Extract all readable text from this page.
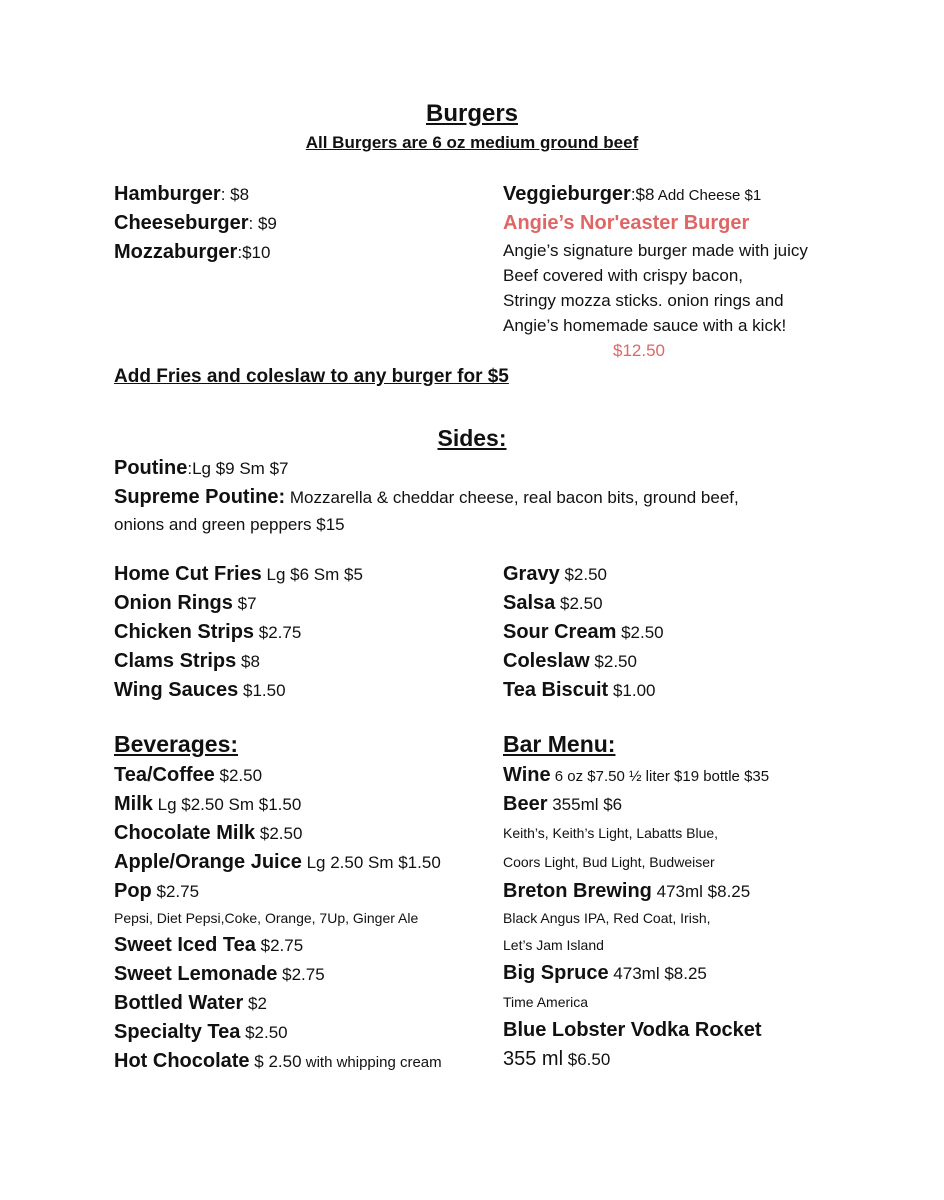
Burgers
All Burgers are 6 oz medium ground beef
Hamburger: $8
Cheeseburger: $9
Mozzaburger:$10
Veggieburger:$8 Add Cheese $1
Angie’s Nor'easter Burger
Angie’s signature burger made with juicy
Beef covered with crispy bacon,
Stringy mozza sticks. onion rings and
Angie’s homemade sauce with a kick!
$12.50
Add Fries and coleslaw to any burger for $5
Sides:
Poutine:Lg $9 Sm $7
Supreme Poutine: Mozzarella & cheddar cheese, real bacon bits, ground beef,
onions and green peppers $15
Home Cut Fries Lg $6 Sm $5
Onion Rings $7
Chicken Strips $2.75
Clams Strips $8
Wing Sauces $1.50
Gravy $2.50
Salsa $2.50
Sour Cream $2.50
Coleslaw $2.50
Tea Biscuit $1.00
Beverages:
Tea/Coffee $2.50
Milk Lg $2.50 Sm $1.50
Chocolate Milk $2.50
Apple/Orange Juice Lg 2.50 Sm $1.50
Pop $2.75
Pepsi, Diet Pepsi,Coke, Orange, 7Up, Ginger Ale
Sweet Iced Tea $2.75
Sweet Lemonade $2.75
Bottled Water $2
Specialty Tea $2.50
Hot Chocolate $ 2.50 with whipping cream
Bar Menu:
Wine 6 oz $7.50 ½ liter $19 bottle $35
Beer 355ml $6
Keith’s, Keith’s Light, Labatts Blue,
Coors Light, Bud Light, Budweiser
Breton Brewing 473ml $8.25
Black Angus IPA, Red Coat, Irish,
Let’s Jam Island
Big Spruce 473ml $8.25
Time America
Blue Lobster Vodka Rocket
355 ml $6.50
